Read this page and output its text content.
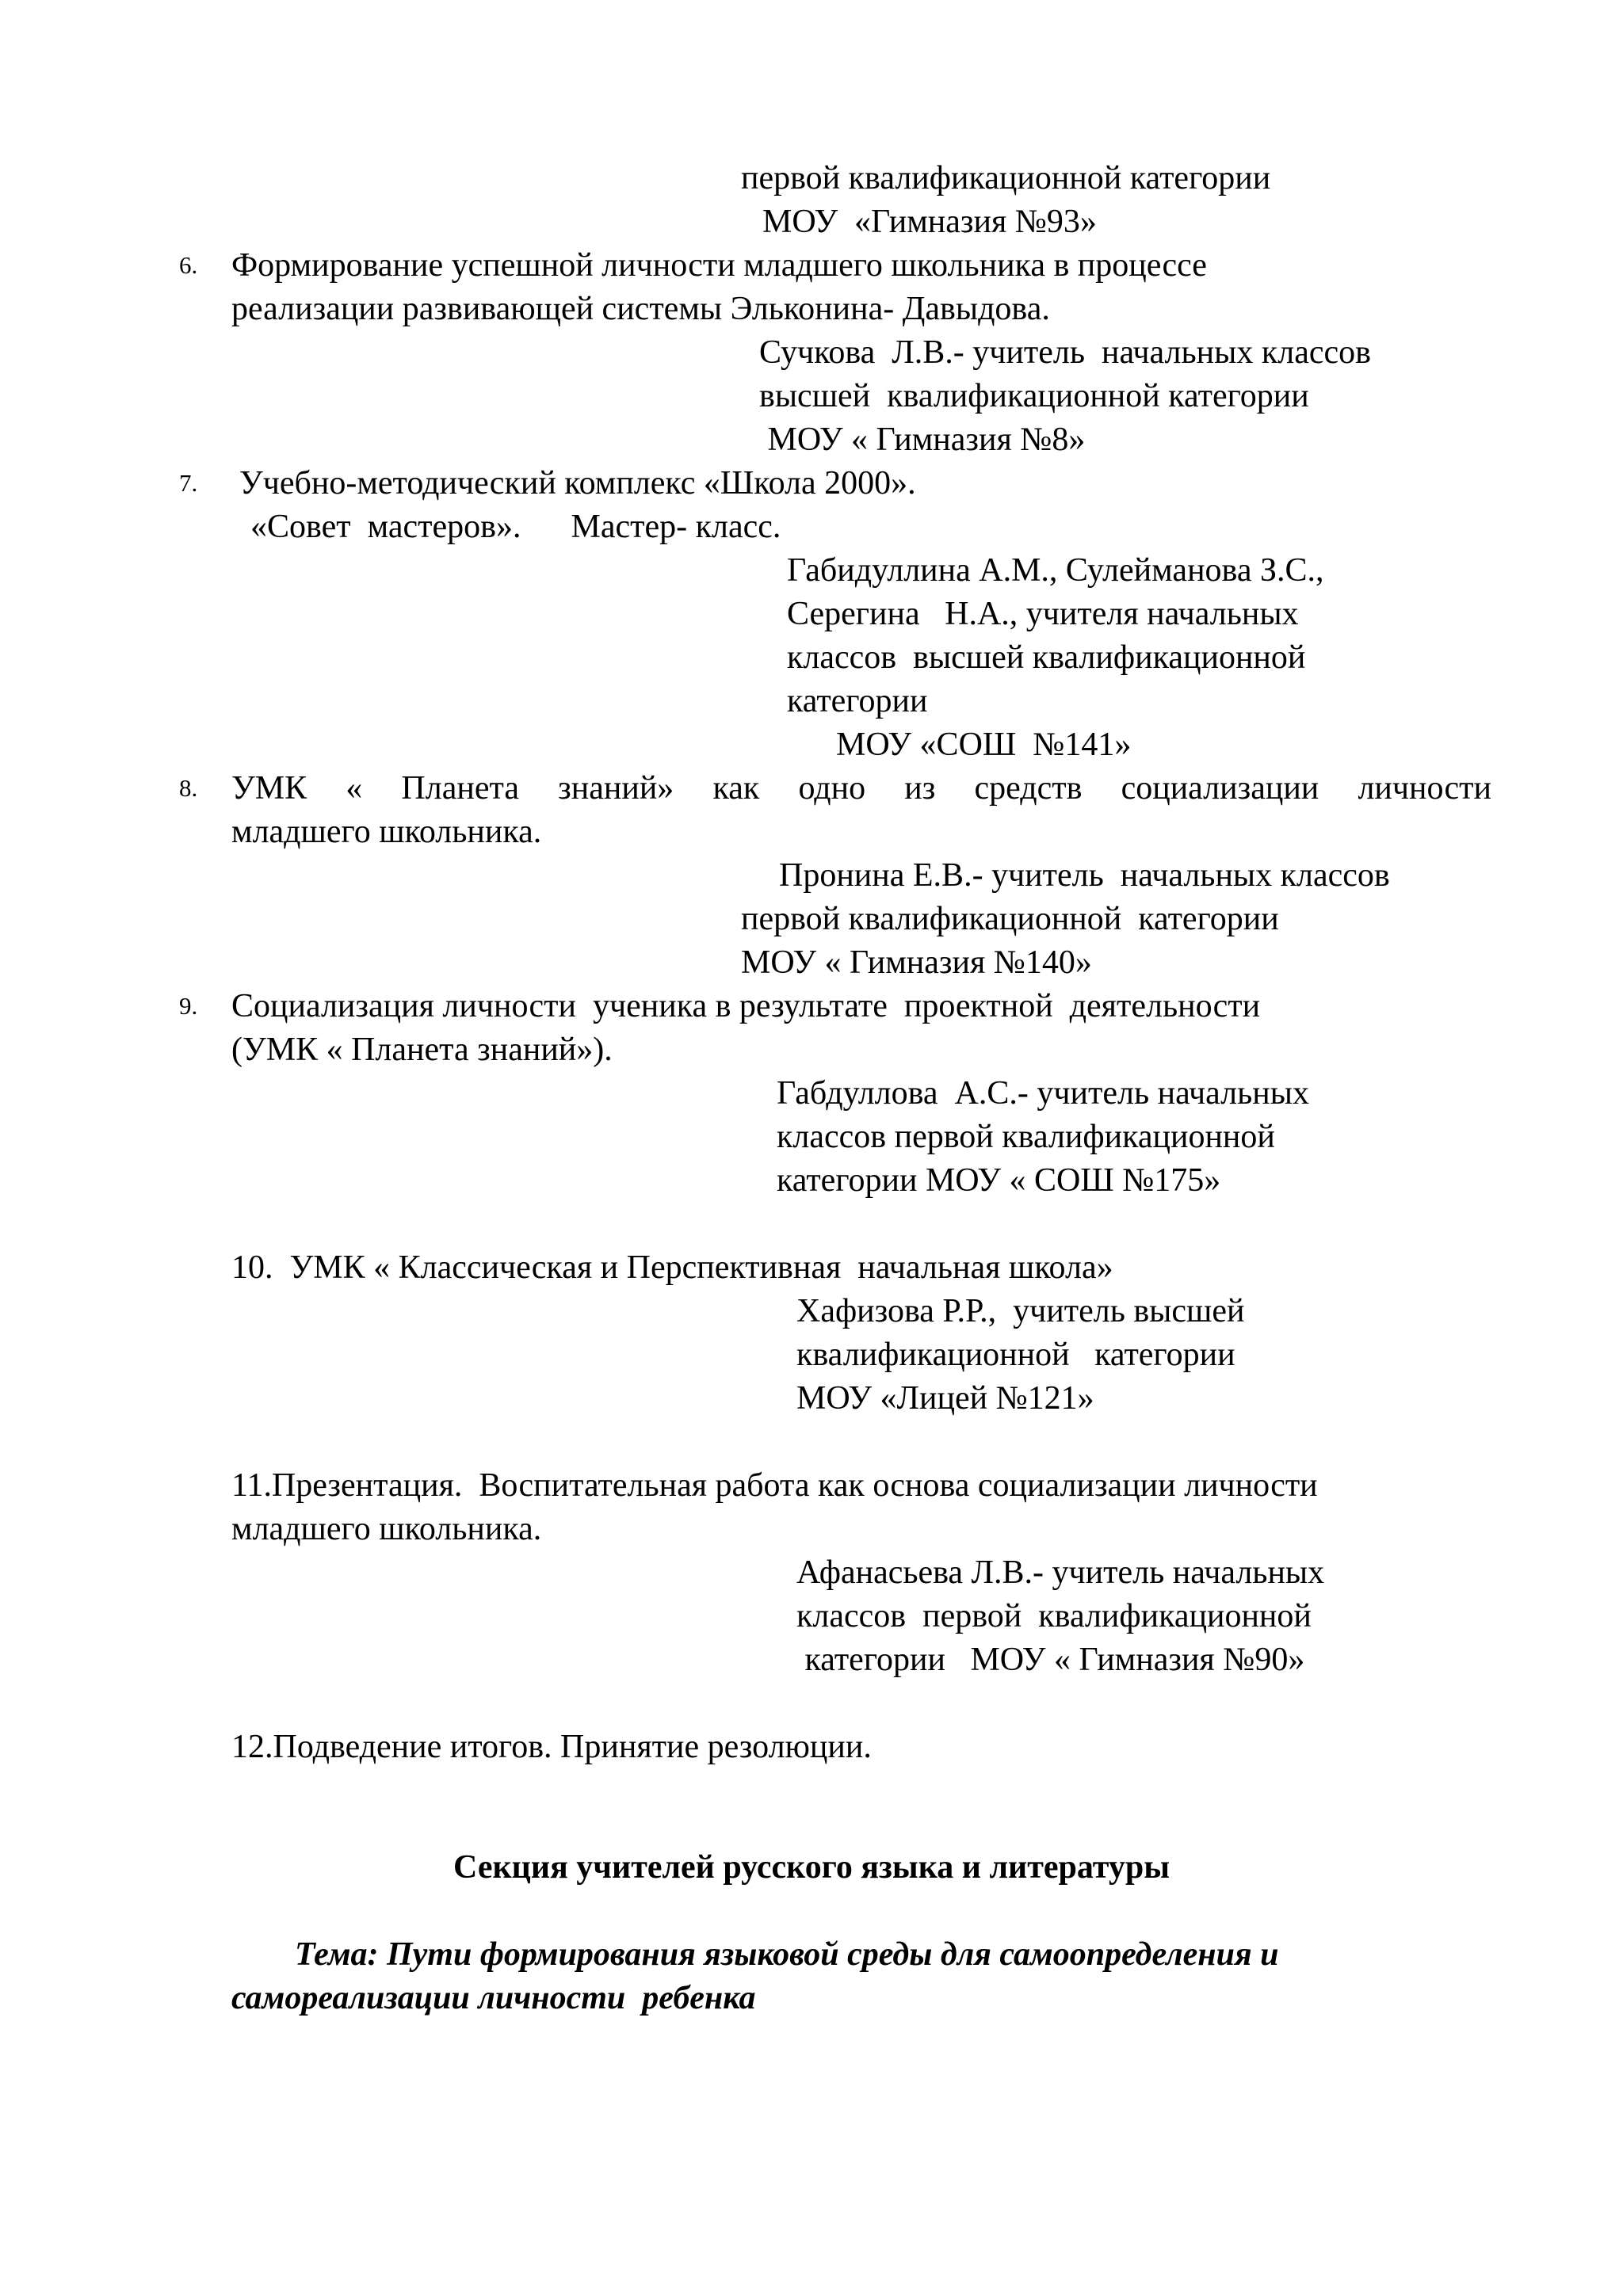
первой квалификационной категории
МОУ  «Гимназия №93»
6. Формирование успешной личности младшего школьника в процессе
реализации развивающей системы Эльконина- Давыдова.
Сучкова  Л.В.- учитель  начальных классов
высшей  квалификационной категории
МОУ « Гимназия №8»
7. Учебно-методический комплекс «Школа 2000».
«Совет  мастеров».      Мастер- класс.
Габидуллина А.М., Сулейманова З.С.,
Серегина   Н.А., учителя начальных
классов  высшей квалификационной
категории
МОУ «СОШ  №141»
8. УМК « Планета знаний» как одно из средств социализации личности
младшего школьника.
Пронина Е.В.- учитель  начальных классов
первой квалификационной  категории
МОУ « Гимназия №140»
9. Социализация личности  ученика в результате  проектной  деятельности
(УМК « Планета знаний»).
Габдуллова  А.С.- учитель начальных
классов первой квалификационной
категории МОУ « СОШ №175»
10.  УМК « Классическая и Перспективная  начальная школа»
Хафизова Р.Р.,  учитель высшей
квалификационной   категории
МОУ «Лицей №121»
11.Презентация.  Воспитательная работа как основа социализации личности
младшего школьника.
Афанасьева Л.В.- учитель начальных
классов  первой  квалификационной
категории   МОУ « Гимназия №90»
12.Подведение итогов. Принятие резолюции.
Секция учителей русского языка и литературы
Тема: Пути формирования языковой среды для самоопределения и
самореализации личности  ребенка
